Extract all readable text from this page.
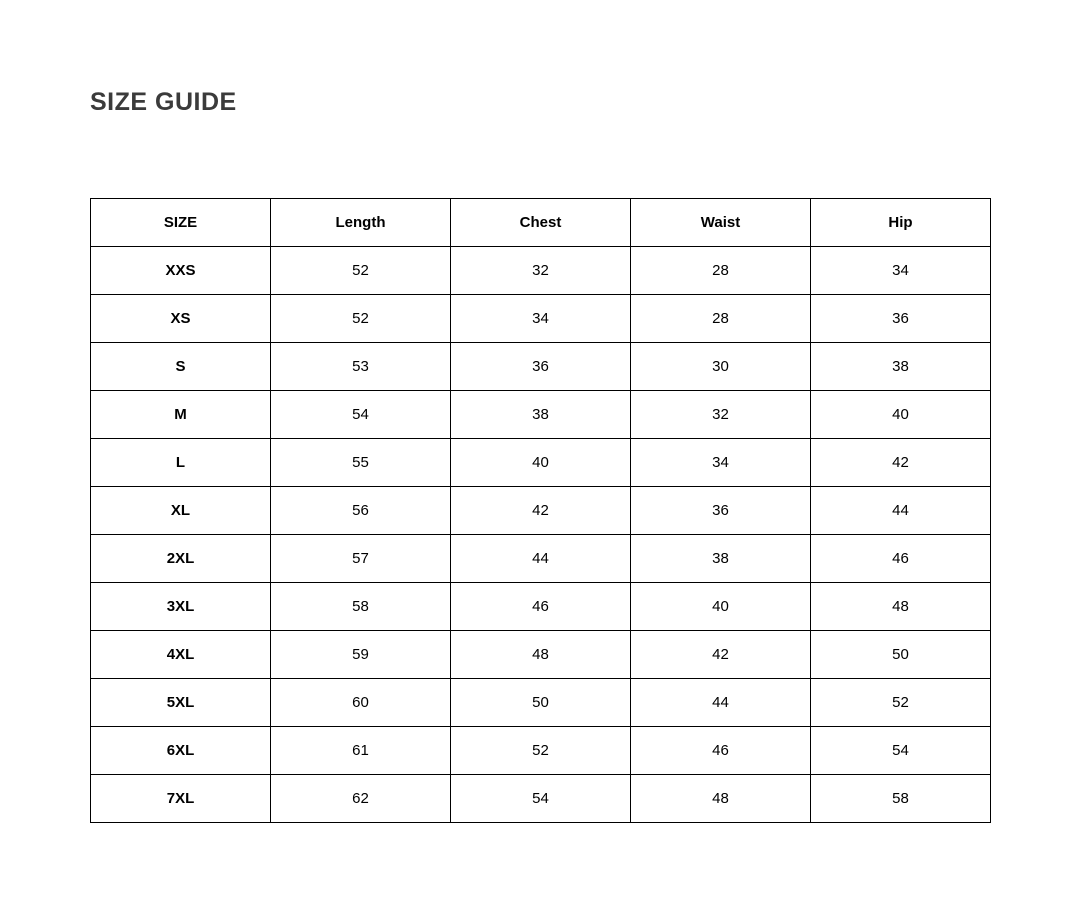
SIZE GUIDE
SIZE	Length	Chest	Waist	Hip
XXS	52	32	28	34
XS	52	34	28	36
S	53	36	30	38
M	54	38	32	40
L	55	40	34	42
XL	56	42	36	44
2XL	57	44	38	46
3XL	58	46	40	48
4XL	59	48	42	50
5XL	60	50	44	52
6XL	61	52	46	54
7XL	62	54	48	58
